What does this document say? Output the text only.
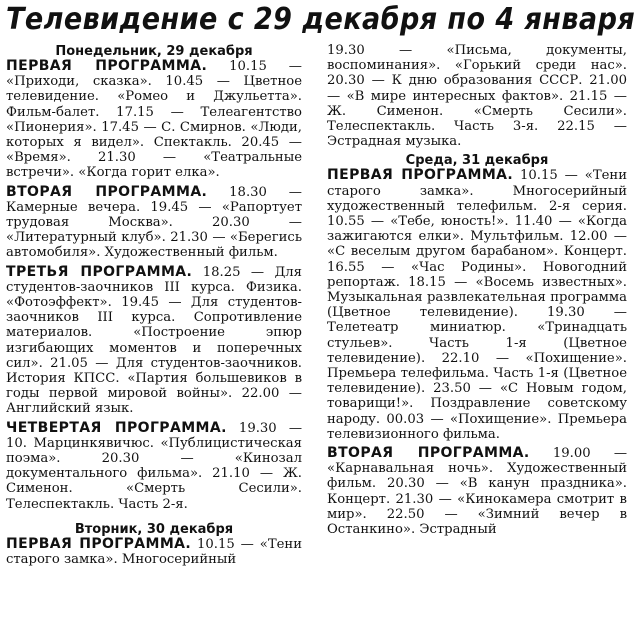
Телевидение с 29 декабря по 4 января
Понедельник, 29 декабря
ПЕРВАЯ ПРОГРАММА. 10.15 — «Приходи, сказка». 10.45 — Цветное телевидение. «Ромео и Джульетта». Фильм-балет. 17.15 — Телеагентство «Пионерия». 17.45 — С. Смирнов. «Люди, которых я видел». Спектакль. 20.45 — «Время». 21.30 — «Театральные встречи». «Когда горит елка».
ВТОРАЯ ПРОГРАММА. 18.30 — Камерные вечера. 19.45 — «Рапортует трудовая Москва». 20.30 — «Литературный клуб». 21.30 — «Берегись автомобиля». Художественный фильм.
ТРЕТЬЯ ПРОГРАММА. 18.25 — Для студентов-заочников III курса. Физика. «Фотоэффект». 19.45 — Для студентов-заочников III курса. Сопротивление материалов. «Построение эпюр изгибающих моментов и поперечных сил». 21.05 — Для студентов-заочников. История КПСС. «Партия большевиков в годы первой мировой войны». 22.00 — Английский язык.
ЧЕТВЕРТАЯ ПРОГРАММА. 19.30 — 10. Марцинкявичюс. «Публицистическая поэма». 20.30 — «Кинозал документального фильма». 21.10 — Ж. Сименон. «Смерть Сесили». Телеспектакль. Часть 2-я.
Вторник, 30 декабря
ПЕРВАЯ ПРОГРАММА. 10.15 — «Тени старого замка». Многосерийный
19.30 — «Письма, документы, воспоминания». «Горький среди нас». 20.30 — К дню образования СССР. 21.00 — «В мире интересных фактов». 21.15 — Ж. Сименон. «Смерть Сесили». Телеспектакль. Часть 3-я. 22.15 — Эстрадная музыка.
Среда, 31 декабря
ПЕРВАЯ ПРОГРАММА. 10.15 — «Тени старого замка». Многосерийный художественный телефильм. 2-я серия. 10.55 — «Тебе, юность!». 11.40 — «Когда зажигаются елки». Мультфильм. 12.00 — «С веселым другом барабаном». Концерт. 16.55 — «Час Родины». Новогодний репортаж. 18.15 — «Восемь известных». Музыкальная развлекательная программа (Цветное телевидение). 19.30 — Телетеатр миниатюр. «Тринадцать стульев». Часть 1-я (Цветное телевидение). 22.10 — «Похищение». Премьера телефильма. Часть 1-я (Цветное телевидение). 23.50 — «С Новым годом, товарищи!». Поздравление советскому народу. 00.03 — «Похищение». Премьера телевизионного фильма.
ВТОРАЯ ПРОГРАММА. 19.00 — «Карнавальная ночь». Художественный фильм. 20.30 — «В канун праздника». Концерт. 21.30 — «Кинокамера смотрит в мир». 22.50 — «Зимний вечер в Останкино». Эстрадный
